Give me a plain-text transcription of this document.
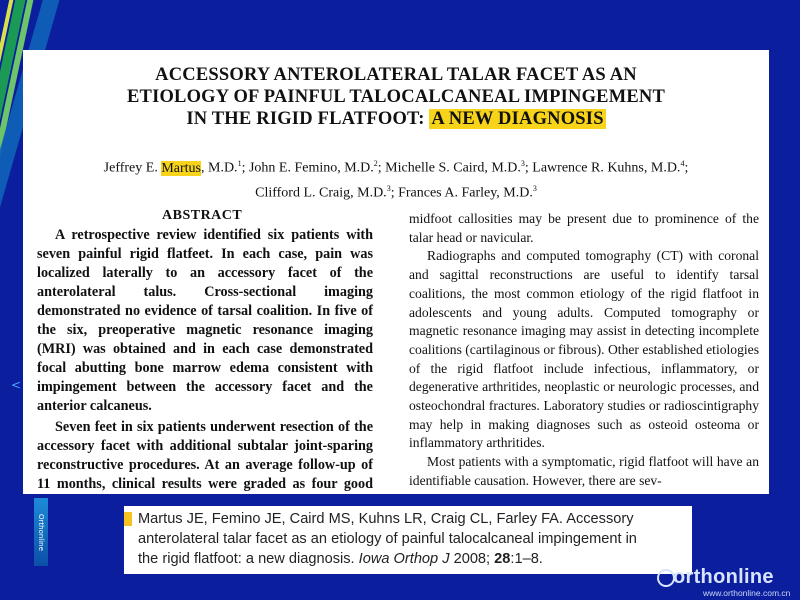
<
Orthonline
ACCESSORY ANTEROLATERAL TALAR FACET AS AN
ETIOLOGY OF PAINFUL TALOCALCANEAL IMPINGEMENT
IN THE RIGID FLATFOOT: A NEW DIAGNOSIS
Jeffrey E. Martus, M.D.$^1$; John E. Femino, M.D.$^2$; Michelle S. Caird, M.D.$^3$; Lawrence R. Kuhns, M.D.$^4$;
Clifford L. Craig, M.D.$^3$; Frances A. Farley, M.D.$^3$
ABSTRACT

A retrospective review identified six patients with seven painful rigid flatfeet. In each case, pain was localized laterally to an accessory facet of the anterolateral talus. Cross-sectional imaging demonstrated no evidence of tarsal coalition. In five of the six, preoperative magnetic resonance imaging (MRI) was obtained and in each case demonstrated focal abutting bone marrow edema consistent with impingement between the accessory facet and the anterior calcaneus.

Seven feet in six patients underwent resection of the accessory facet with additional subtalar joint-sparing reconstructive procedures. At an average follow-up of 11 months, clinical results were graded as four good

midfoot callosities may be present due to prominence of the talar head or navicular.

Radiographs and computed tomography (CT) with coronal and sagittal reconstructions are useful to identify tarsal coalitions, the most common etiology of the rigid flatfoot in adolescents and young adults. Computed tomography or magnetic resonance imaging may assist in detecting incomplete coalitions (cartilaginous or fibrous). Other established etiologies of the rigid flatfoot include infectious, inflammatory, or degenerative arthritides, neoplastic or neurologic processes, and osteochondral fractures. Laboratory studies or radioscintigraphy may help in making diagnoses such as osteoid osteoma or inflammatory arthritides.

Most patients with a symptomatic, rigid flatfoot will have an identifiable causation. However, there are sev-

Martus JE, Femino JE, Caird MS, Kuhns LR, Craig CL, Farley FA. Accessory
anterolateral talar facet as an etiology of painful talocalcaneal impingement in
the rigid flatfoot: a new diagnosis. Iowa Orthop J 2008; 28:1–8.
orthonline
www.orthonline.com.cn
